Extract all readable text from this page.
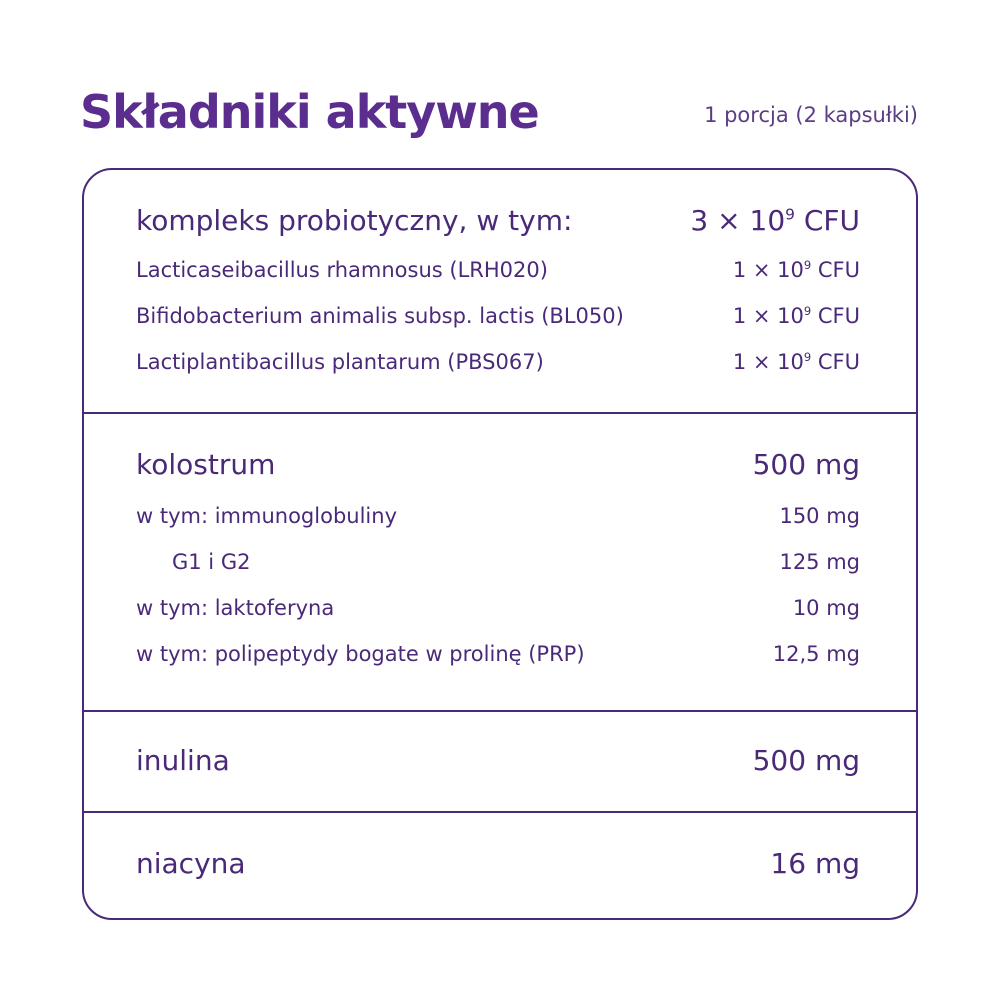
Składniki aktywne	1 porcja (2 kapsułki)
kompleks probiotyczny, w tym:	$3 \times 10^9$ CFU
Lacticaseibacillus rhamnosus (LRH020)	$1 \times 10^9$ CFU
Bifidobacterium animalis subsp. lactis (BL050)	$1 \times 10^9$ CFU
Lactiplantibacillus plantarum (PBS067)	$1 \times 10^9$ CFU
kolostrum	500 mg
w tym: immunoglobuliny	150 mg
G1 i G2	125 mg
w tym: laktoferyna	10 mg
w tym: polipeptydy bogate w prolinę (PRP)	12,5 mg
inulina	500 mg
niacyna	16 mg
